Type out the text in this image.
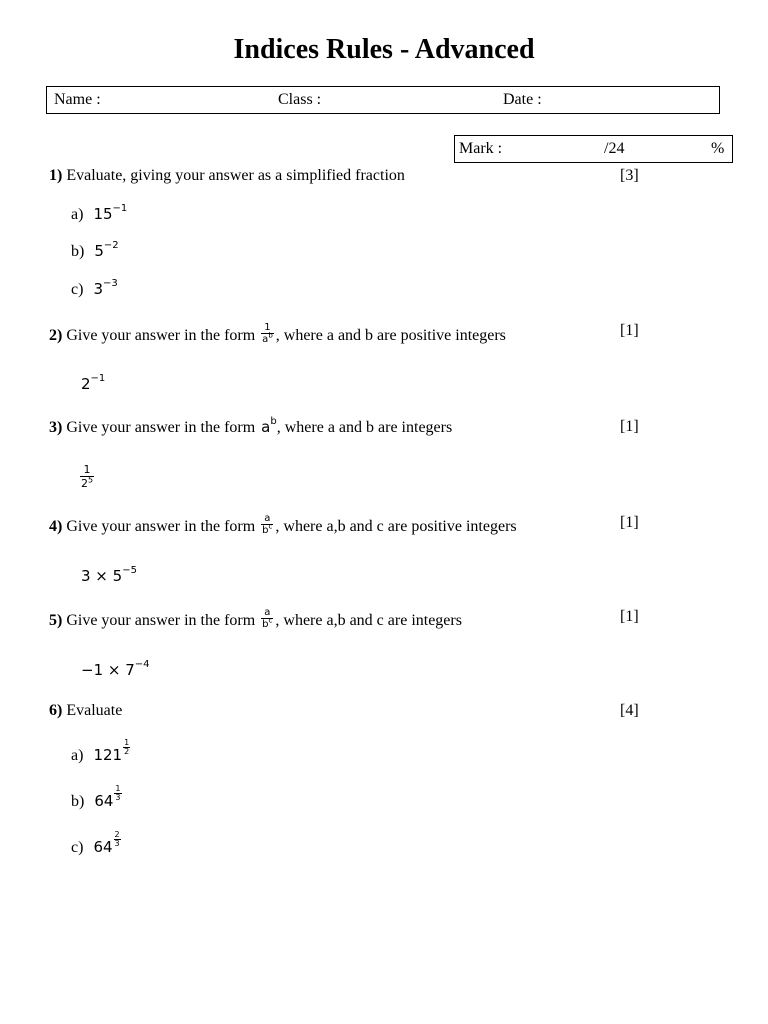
Indices Rules - Advanced
Name :	Class :	Date :
Mark :	/24	%
1) Evaluate, giving your answer as a simplified fraction	[3]
a) $15^{-1}$
b) $5^{-2}$
c) $3^{-3}$
2) Give your answer in the form $\frac{1}{a^b}$ , where a and b are positive integers	[1]
$2^{-1}$
3) Give your answer in the form $a^b$, where a and b are integers	[1]
$\frac{1}{2^5}$
4) Give your answer in the form $\frac{a}{b^c}$ , where a,b and c are positive integers	[1]
$3 \times 5^{-5}$
5) Give your answer in the form $\frac{a}{b^c}$ , where a,b and c are integers	[1]
$-1 \times 7^{-4}$
6) Evaluate	[4]
a) $121 \frac{1}{2}$
b) $64 \frac{1}{3}$
c) $64 \frac{2}{3}$
